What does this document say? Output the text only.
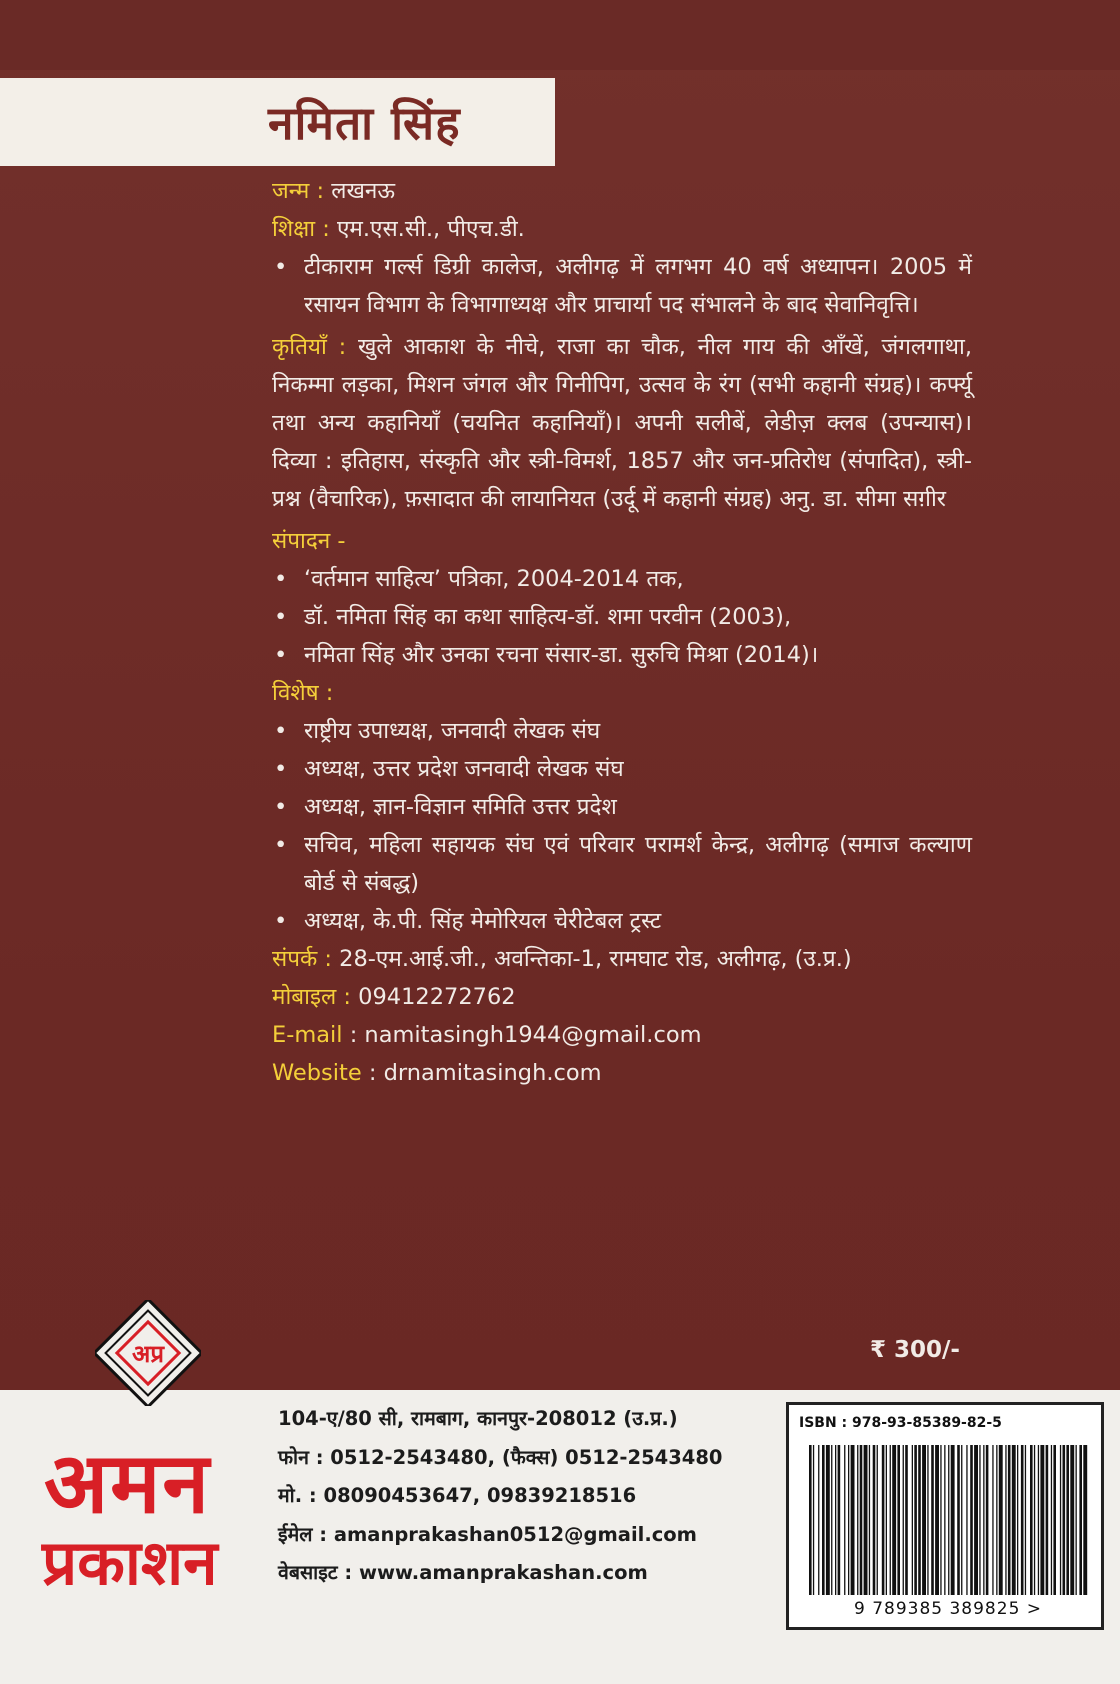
नमिता सिंह
जन्म : लखनऊ
शिक्षा : एम.एस.सी., पीएच.डी.
• टीकाराम गर्ल्स डिग्री कालेज, अलीगढ़ में लगभग 40 वर्ष अध्यापन। 2005 में रसायन विभाग के विभागाध्यक्ष और प्राचार्या पद संभालने के बाद सेवानिवृत्ति।
कृतियाँ : खुले आकाश के नीचे, राजा का चौक, नील गाय की आँखें, जंगलगाथा, निकम्मा लड़का, मिशन जंगल और गिनीपिग, उत्सव के रंग (सभी कहानी संग्रह)। कर्फ्यू तथा अन्य कहानियाँ (चयनित कहानियाँ)। अपनी सलीबें, लेडीज़ क्लब (उपन्यास)। दिव्या : इतिहास, संस्कृति और स्त्री-विमर्श, 1857 और जन-प्रतिरोध (संपादित), स्त्री-प्रश्न (वैचारिक), फ़सादात की लायानियत (उर्दू में कहानी संग्रह) अनु. डा. सीमा सग़ीर
संपादन -
• ‘वर्तमान साहित्य’ पत्रिका, 2004-2014 तक,
• डॉ. नमिता सिंह का कथा साहित्य-डॉ. शमा परवीन (2003),
• नमिता सिंह और उनका रचना संसार-डा. सुरुचि मिश्रा (2014)।
विशेष :
• राष्ट्रीय उपाध्यक्ष, जनवादी लेखक संघ
• अध्यक्ष, उत्तर प्रदेश जनवादी लेखक संघ
• अध्यक्ष, ज्ञान-विज्ञान समिति उत्तर प्रदेश
• सचिव, महिला सहायक संघ एवं परिवार परामर्श केन्द्र, अलीगढ़ (समाज कल्याण बोर्ड से संबद्ध)
• अध्यक्ष, के.पी. सिंह मेमोरियल चेरीटेबल ट्रस्ट
संपर्क : 28-एम.आई.जी., अवन्तिका-1, रामघाट रोड, अलीगढ़, (उ.प्र.)
मोबाइल : 09412272762
E-mail : namitasingh1944@gmail.com
Website : drnamitasingh.com
₹ 300/-
अप्र
अमन
प्रकाशन
104-ए/80 सी, रामबाग, कानपुर-208012 (उ.प्र.)
फोन : 0512-2543480, (फैक्स) 0512-2543480
मो. : 08090453647, 09839218516
ईमेल : amanprakashan0512@gmail.com
वेबसाइट : www.amanprakashan.com
ISBN : 978-93-85389-82-5
9 789385 389825 >
